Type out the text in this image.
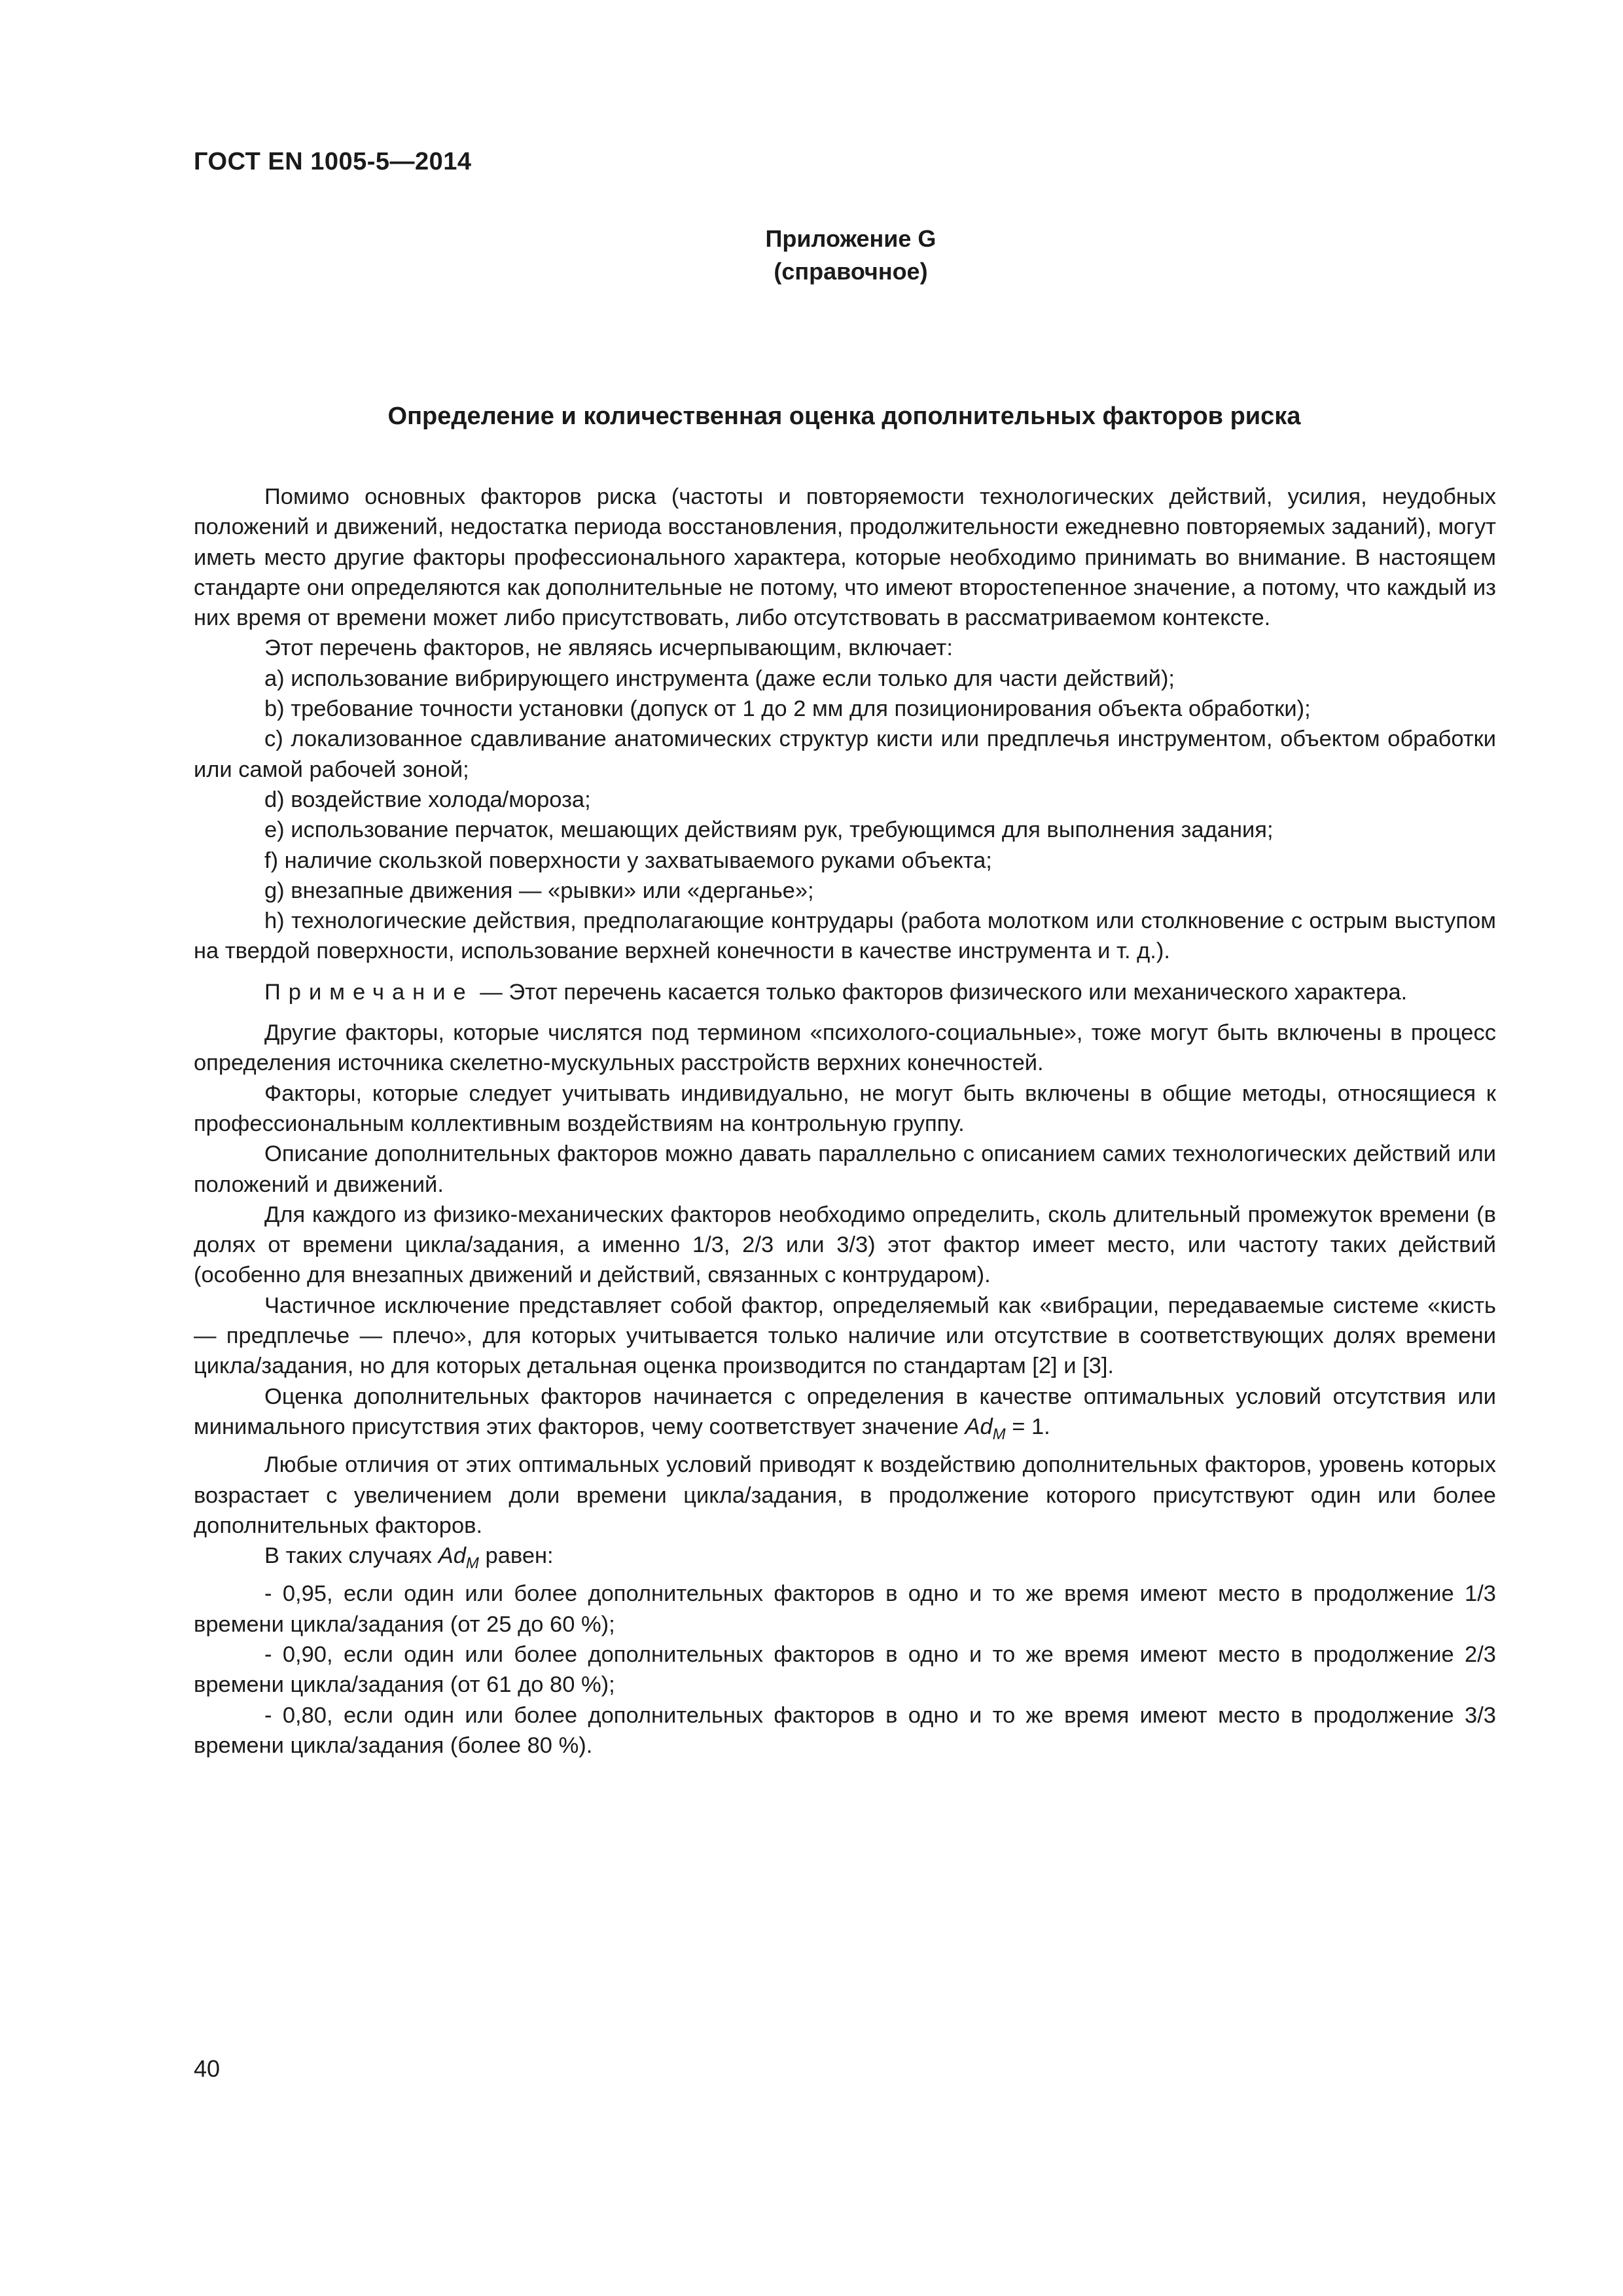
ГОСТ EN 1005-5—2014
Приложение G
(справочное)
Определение и количественная оценка дополнительных факторов риска

Помимо основных факторов риска (частоты и повторяемости технологических действий, усилия, неудобных положений и движений, недостатка периода восстановления, продолжительности ежедневно повторяемых заданий), могут иметь место другие факторы профессионального характера, которые необходимо принимать во внимание. В настоящем стандарте они определяются как дополнительные не потому, что имеют второстепенное значение, а потому, что каждый из них время от времени может либо присутствовать, либо отсутствовать в рассматриваемом контексте.

Этот перечень факторов, не являясь исчерпывающим, включает:

a) использование вибрирующего инструмента (даже если только для части действий);

b) требование точности установки (допуск от 1 до 2 мм для позиционирования объекта обработки);

c) локализованное сдавливание анатомических структур кисти или предплечья инструментом, объектом обработки или самой рабочей зоной;

d) воздействие холода/мороза;

e) использование перчаток, мешающих действиям рук, требующимся для выполнения задания;

f) наличие скользкой поверхности у захватываемого руками объекта;

g) внезапные движения — «рывки» или «дерганье»;

h) технологические действия, предполагающие контрудары (работа молотком или столкновение с острым выступом на твердой поверхности, использование верхней конечности в качестве инструмента и т. д.).

Примечание — Этот перечень касается только факторов физического или механического характера.

Другие факторы, которые числятся под термином «психолого-социальные», тоже могут быть включены в процесс определения источника скелетно-мускульных расстройств верхних конечностей.

Факторы, которые следует учитывать индивидуально, не могут быть включены в общие методы, относящиеся к профессиональным коллективным воздействиям на контрольную группу.

Описание дополнительных факторов можно давать параллельно с описанием самих технологических действий или положений и движений.

Для каждого из физико-механических факторов необходимо определить, сколь длительный промежуток времени (в долях от времени цикла/задания, а именно 1/3, 2/3 или 3/3) этот фактор имеет место, или частоту таких действий (особенно для внезапных движений и действий, связанных с контрударом).

Частичное исключение представляет собой фактор, определяемый как «вибрации, передаваемые системе «кисть — предплечье — плечо», для которых учитывается только наличие или отсутствие в соответствующих долях времени цикла/задания, но для которых детальная оценка производится по стандартам [2] и [3].

Оценка дополнительных факторов начинается с определения в качестве оптимальных условий отсутствия или минимального присутствия этих факторов, чему соответствует значение $Ad_M = 1$.

Любые отличия от этих оптимальных условий приводят к воздействию дополнительных факторов, уровень которых возрастает с увеличением доли времени цикла/задания, в продолжение которого присутствуют один или более дополнительных факторов.

В таких случаях $Ad_M$ равен:

- 0,95, если один или более дополнительных факторов в одно и то же время имеют место в продолжение 1/3 времени цикла/задания (от 25 до 60 %);

- 0,90, если один или более дополнительных факторов в одно и то же время имеют место в продолжение 2/3 времени цикла/задания (от 61 до 80 %);

- 0,80, если один или более дополнительных факторов в одно и то же время имеют место в продолжение 3/3 времени цикла/задания (более 80 %).

40
